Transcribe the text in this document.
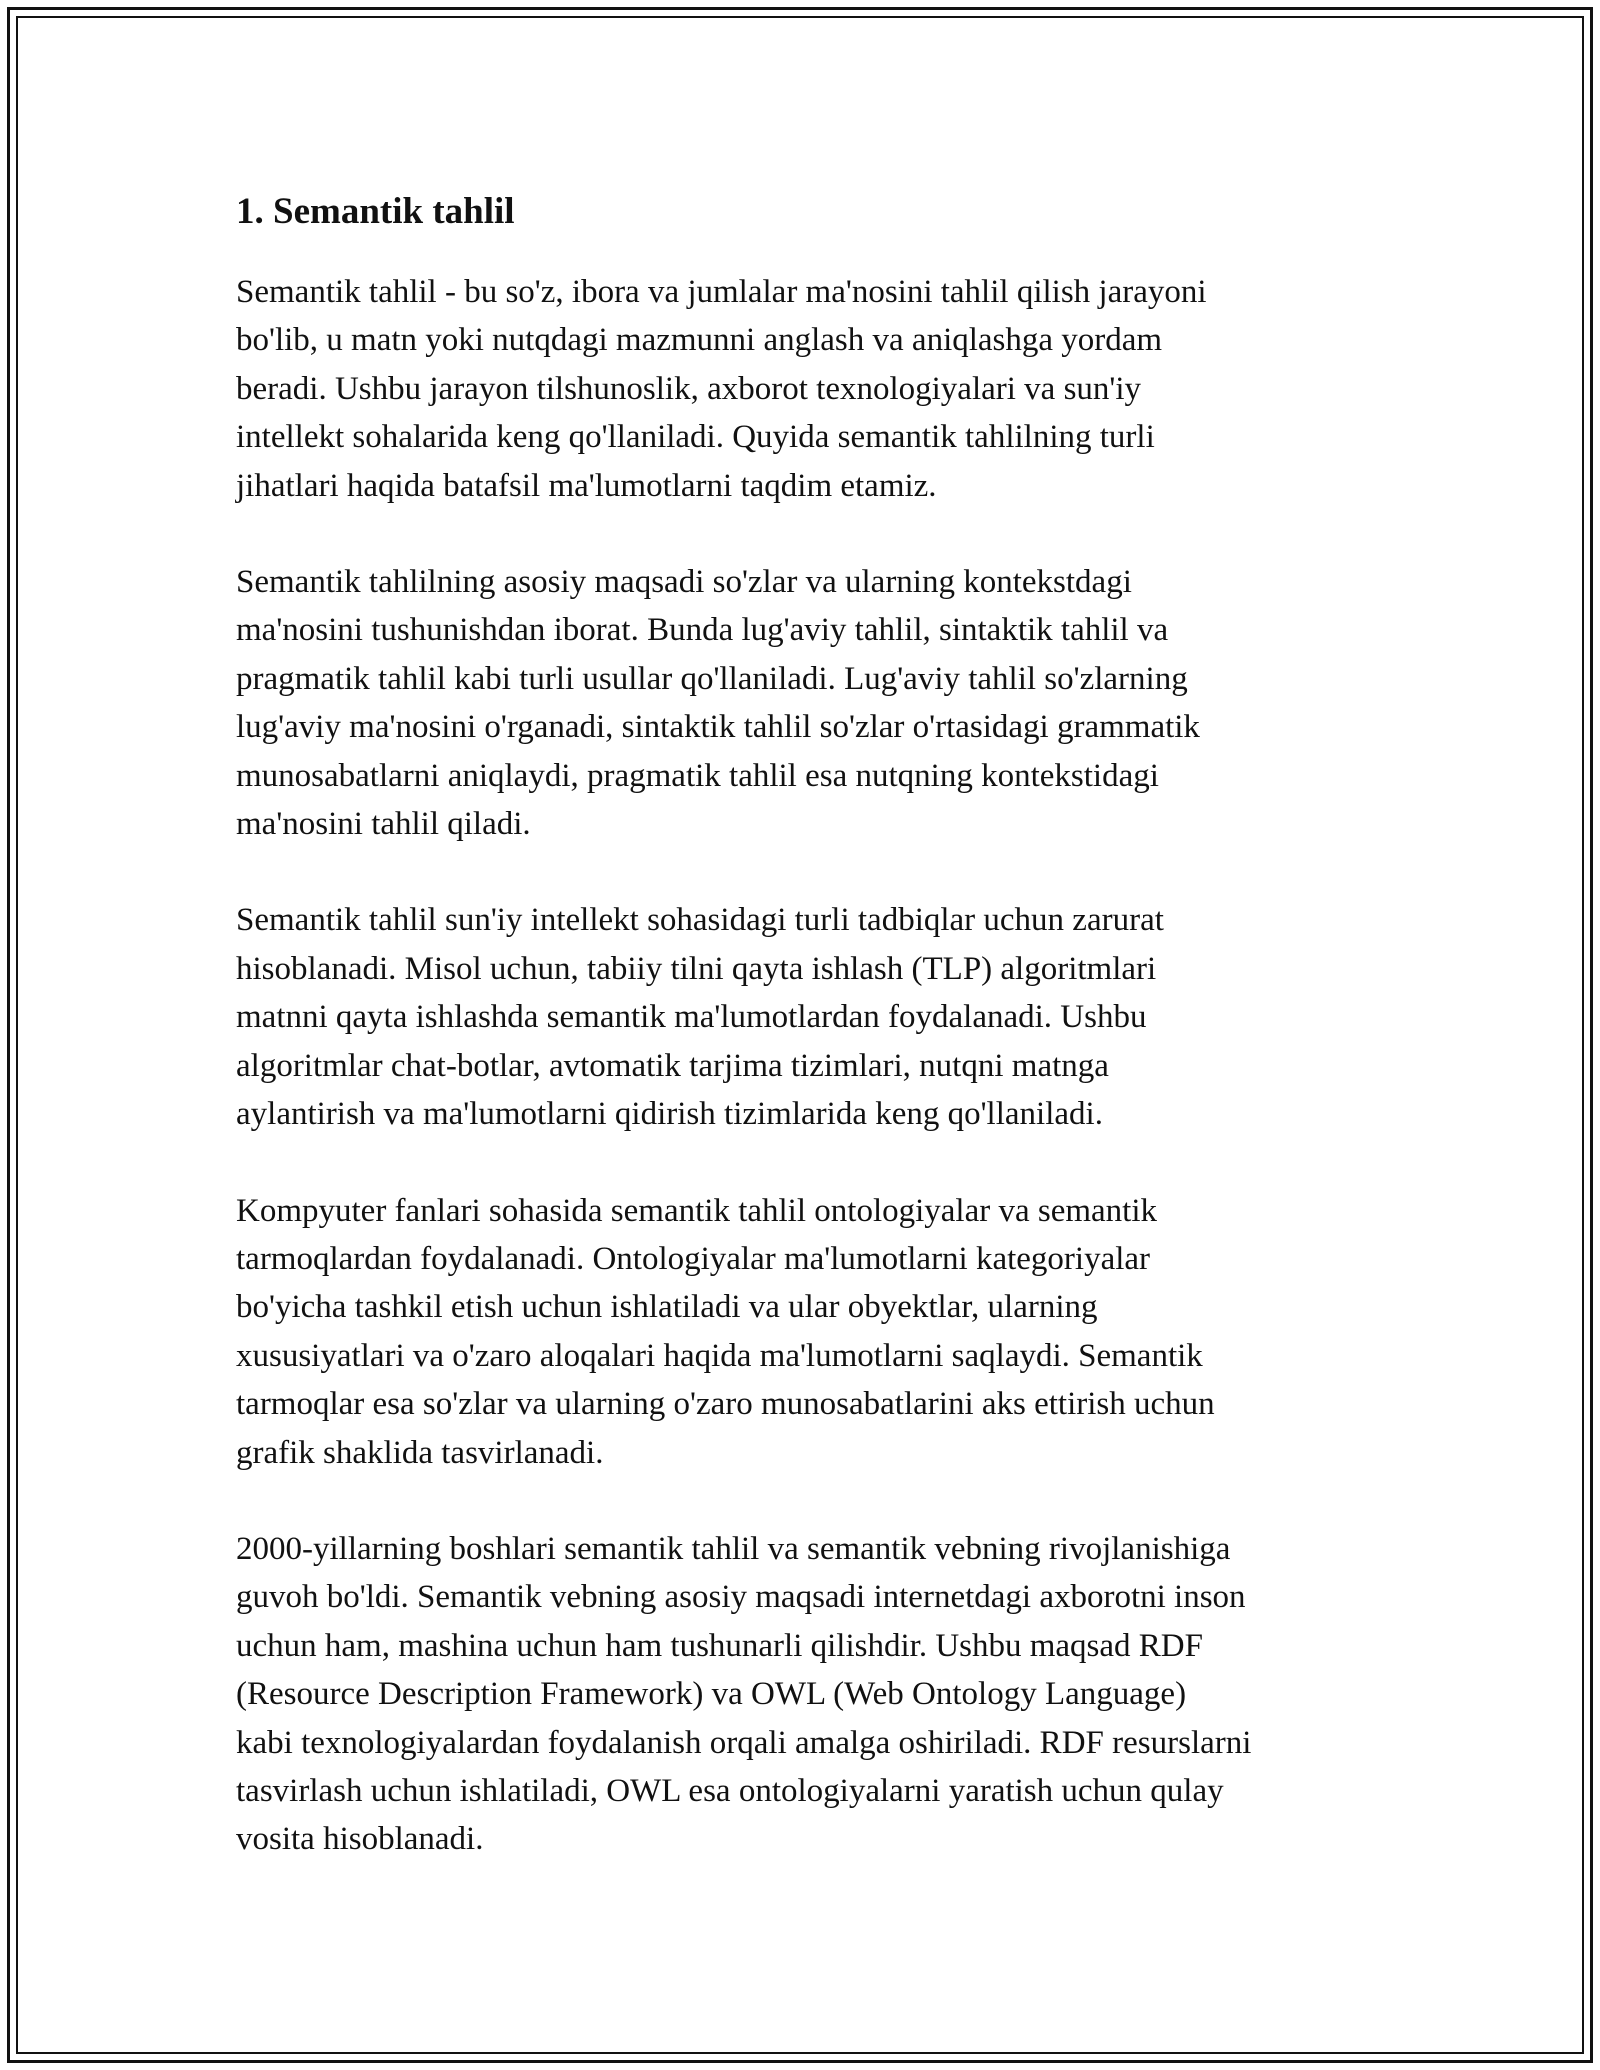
1. Semantik tahlil

Semantik tahlil - bu so'z, ibora va jumlalar ma'nosini tahlil qilish jarayoni
bo'lib, u matn yoki nutqdagi mazmunni anglash va aniqlashga yordam
beradi. Ushbu jarayon tilshunoslik, axborot texnologiyalari va sun'iy
intellekt sohalarida keng qo'llaniladi. Quyida semantik tahlilning turli
jihatlari haqida batafsil ma'lumotlarni taqdim etamiz.

Semantik tahlilning asosiy maqsadi so'zlar va ularning kontekstdagi
ma'nosini tushunishdan iborat. Bunda lug'aviy tahlil, sintaktik tahlil va
pragmatik tahlil kabi turli usullar qo'llaniladi. Lug'aviy tahlil so'zlarning
lug'aviy ma'nosini o'rganadi, sintaktik tahlil so'zlar o'rtasidagi grammatik
munosabatlarni aniqlaydi, pragmatik tahlil esa nutqning kontekstidagi
ma'nosini tahlil qiladi.

Semantik tahlil sun'iy intellekt sohasidagi turli tadbiqlar uchun zarurat
hisoblanadi. Misol uchun, tabiiy tilni qayta ishlash (TLP) algoritmlari
matnni qayta ishlashda semantik ma'lumotlardan foydalanadi. Ushbu
algoritmlar chat-botlar, avtomatik tarjima tizimlari, nutqni matnga
aylantirish va ma'lumotlarni qidirish tizimlarida keng qo'llaniladi.

Kompyuter fanlari sohasida semantik tahlil ontologiyalar va semantik
tarmoqlardan foydalanadi. Ontologiyalar ma'lumotlarni kategoriyalar
bo'yicha tashkil etish uchun ishlatiladi va ular obyektlar, ularning
xususiyatlari va o'zaro aloqalari haqida ma'lumotlarni saqlaydi. Semantik
tarmoqlar esa so'zlar va ularning o'zaro munosabatlarini aks ettirish uchun
grafik shaklida tasvirlanadi.

2000-yillarning boshlari semantik tahlil va semantik vebning rivojlanishiga
guvoh bo'ldi. Semantik vebning asosiy maqsadi internetdagi axborotni inson
uchun ham, mashina uchun ham tushunarli qilishdir. Ushbu maqsad RDF
(Resource Description Framework) va OWL (Web Ontology Language)
kabi texnologiyalardan foydalanish orqali amalga oshiriladi. RDF resurslarni
tasvirlash uchun ishlatiladi, OWL esa ontologiyalarni yaratish uchun qulay
vosita hisoblanadi.
